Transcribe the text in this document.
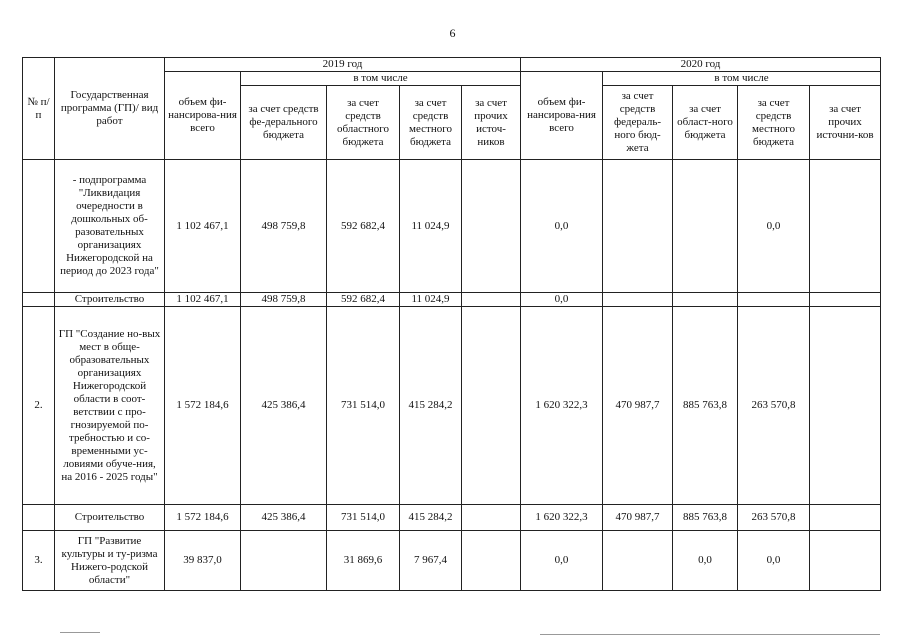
6
№ п/п	Государственная программа (ГП)/ вид работ	2019 год					2020 год				
		объем фи-нансирова-ния всего	в том числе				объем фи-нансирова-ния всего	в том числе			
			за счет средств фе-дерального бюджета	за счет средств областного бюджета	за счет средств местного бюджета	за счет прочих источ-ников		за счет средств федераль-ного бюд-жета	за счет област-ного бюджета	за счет средств местного бюджета	за счет прочих источни-ков
	- подпрограмма "Ликвидация очередности в дошкольных об-разовательных организациях Нижегородской на период до 2023 года"	1 102 467,1	498 759,8	592 682,4	11 024,9		0,0			0,0	
	Строительство	1 102 467,1	498 759,8	592 682,4	11 024,9		0,0				
2.	ГП "Создание но-вых мест в обще-образовательных организациях Нижегородской области в соот-ветствии с про-гнозируемой по-требностью и со-временными ус-ловиями обуче-ния, на 2016 - 2025 годы"	1 572 184,6	425 386,4	731 514,0	415 284,2		1 620 322,3	470 987,7	885 763,8	263 570,8	
	Строительство	1 572 184,6	425 386,4	731 514,0	415 284,2		1 620 322,3	470 987,7	885 763,8	263 570,8	
3.	ГП "Развитие культуры и ту-ризма Нижего-родской области"	39 837,0		31 869,6	7 967,4		0,0		0,0	0,0	
